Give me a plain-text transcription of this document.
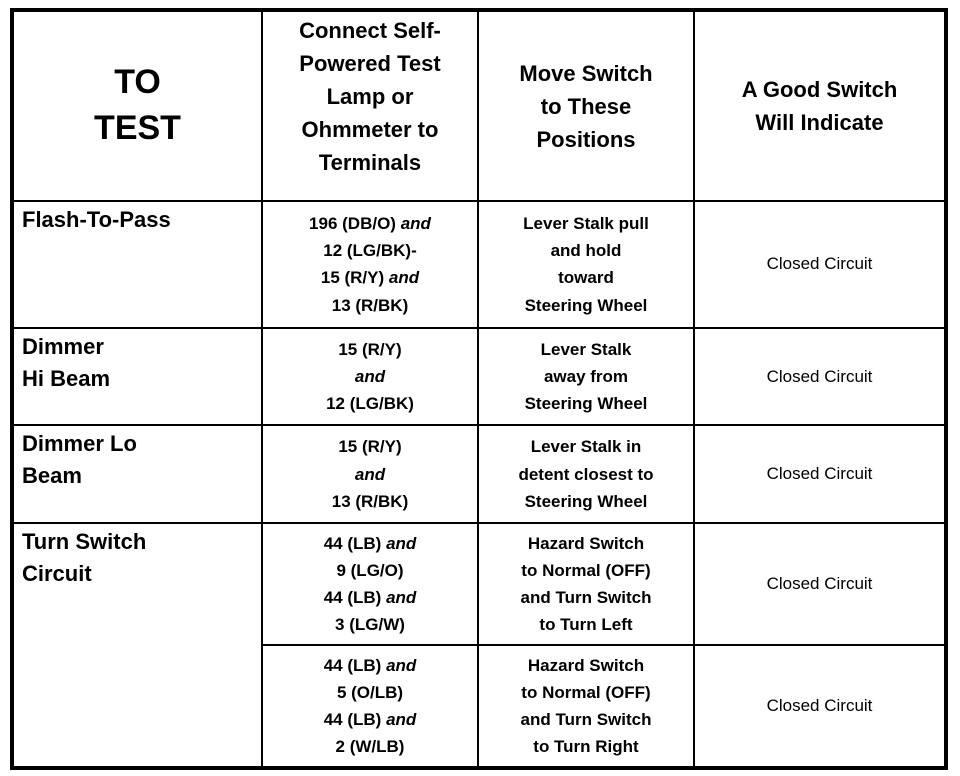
TO
TEST	Connect Self-
Powered Test
Lamp or
Ohmmeter to
Terminals	Move Switch
to These
Positions	A Good Switch
Will Indicate

Flash-To-Pass	196 (DB/O) and
12 (LG/BK)-
15 (R/Y) and
13 (R/BK)	Lever Stalk pull
and hold
toward
Steering Wheel	Closed Circuit

Dimmer
Hi Beam	15 (R/Y)
and
12 (LG/BK)	Lever Stalk
away from
Steering Wheel	Closed Circuit

Dimmer Lo
Beam	15 (R/Y)
and
13 (R/BK)	Lever Stalk in
detent closest to
Steering Wheel	Closed Circuit

Turn Switch
Circuit	44 (LB) and
9 (LG/O)
44 (LB) and
3 (LG/W)	Hazard Switch
to Normal (OFF)
and Turn Switch
to Turn Left	Closed Circuit

	44 (LB) and
5 (O/LB)
44 (LB) and
2 (W/LB)	Hazard Switch
to Normal (OFF)
and Turn Switch
to Turn Right	Closed Circuit
